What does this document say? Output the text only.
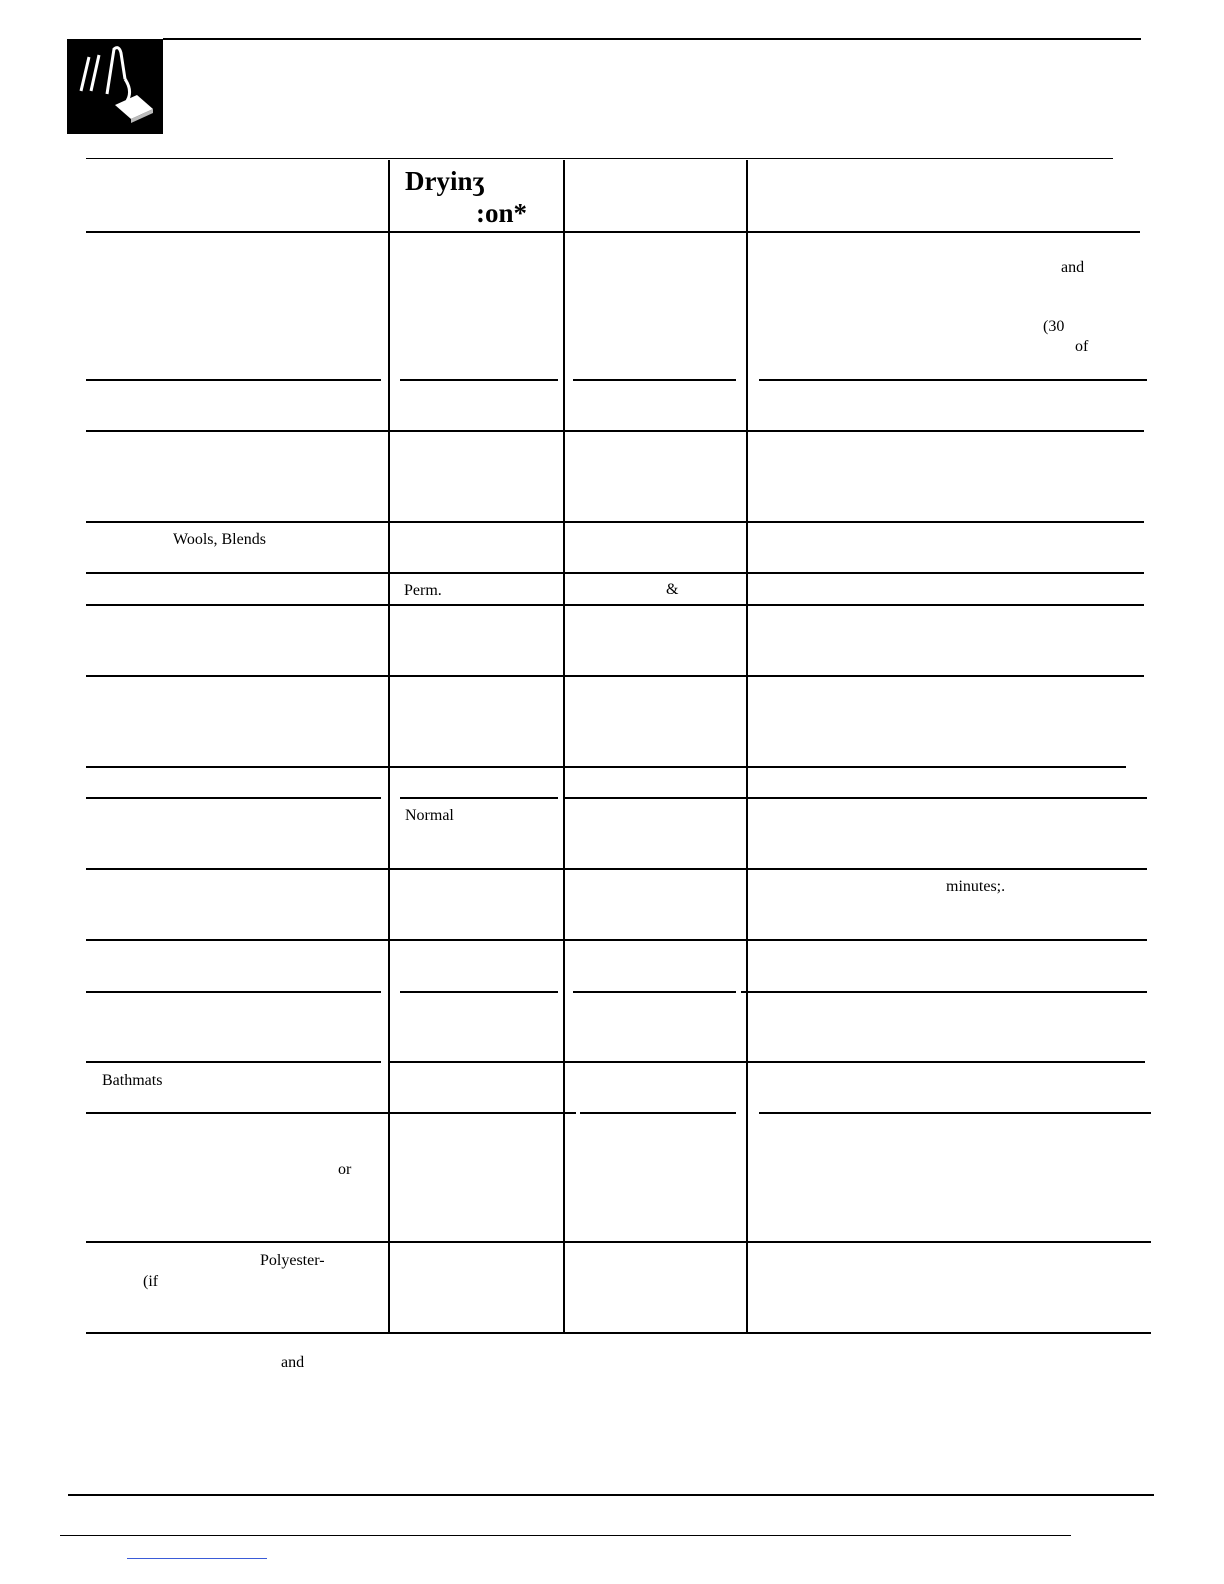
Dryinʒ
:on*
and
(30
of
Wools, Blends
Perm.	&
Normal
minutes;.
Bathmats
or
Polyester-
(if
and
